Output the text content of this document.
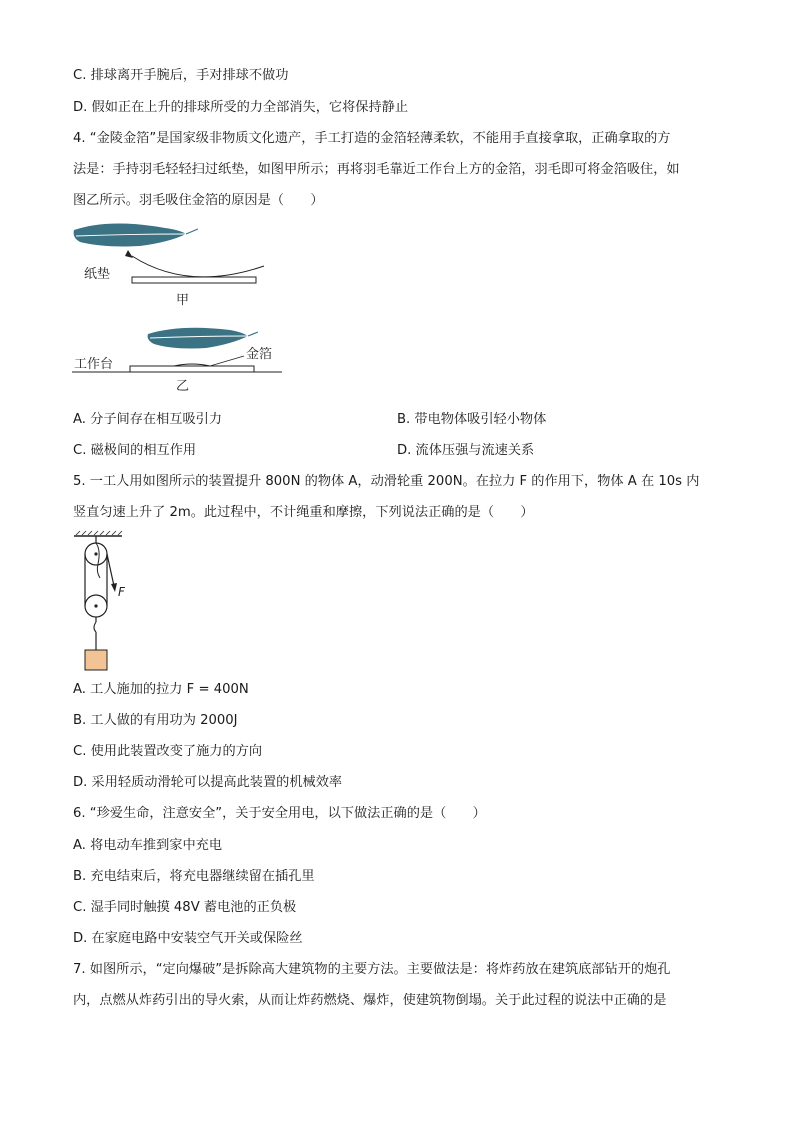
C. 排球离开手腕后，手对排球不做功
D. 假如正在上升的排球所受的力全部消失，它将保持静止
4. “金陵金箔”是国家级非物质文化遗产，手工打造的金箔轻薄柔软，不能用手直接拿取，正确拿取的方
法是：手持羽毛轻轻扫过纸垫，如图甲所示；再将羽毛靠近工作台上方的金箔，羽毛即可将金箔吸住，如
图乙所示。羽毛吸住金箔的原因是（　　）
纸垫
甲
工作台
金箔
乙
A. 分子间存在相互吸引力	B. 带电物体吸引轻小物体
C. 磁极间的相互作用	D. 流体压强与流速关系
5. 一工人用如图所示的装置提升 800N 的物体 A，动滑轮重 200N。在拉力 F 的作用下，物体 A 在 10s 内
竖直匀速上升了 2m。此过程中，不计绳重和摩擦，下列说法正确的是（　　）
F
A. 工人施加的拉力 F = 400N
B. 工人做的有用功为 2000J
C. 使用此装置改变了施力的方向
D. 采用轻质动滑轮可以提高此装置的机械效率
6. “珍爱生命，注意安全”，关于安全用电，以下做法正确的是（　　）
A. 将电动车推到家中充电
B. 充电结束后，将充电器继续留在插孔里
C. 湿手同时触摸 48V 蓄电池的正负极
D. 在家庭电路中安装空气开关或保险丝
7. 如图所示，“定向爆破”是拆除高大建筑物的主要方法。主要做法是：将炸药放在建筑底部钻开的炮孔
内，点燃从炸药引出的导火索，从而让炸药燃烧、爆炸，使建筑物倒塌。关于此过程的说法中正确的是
